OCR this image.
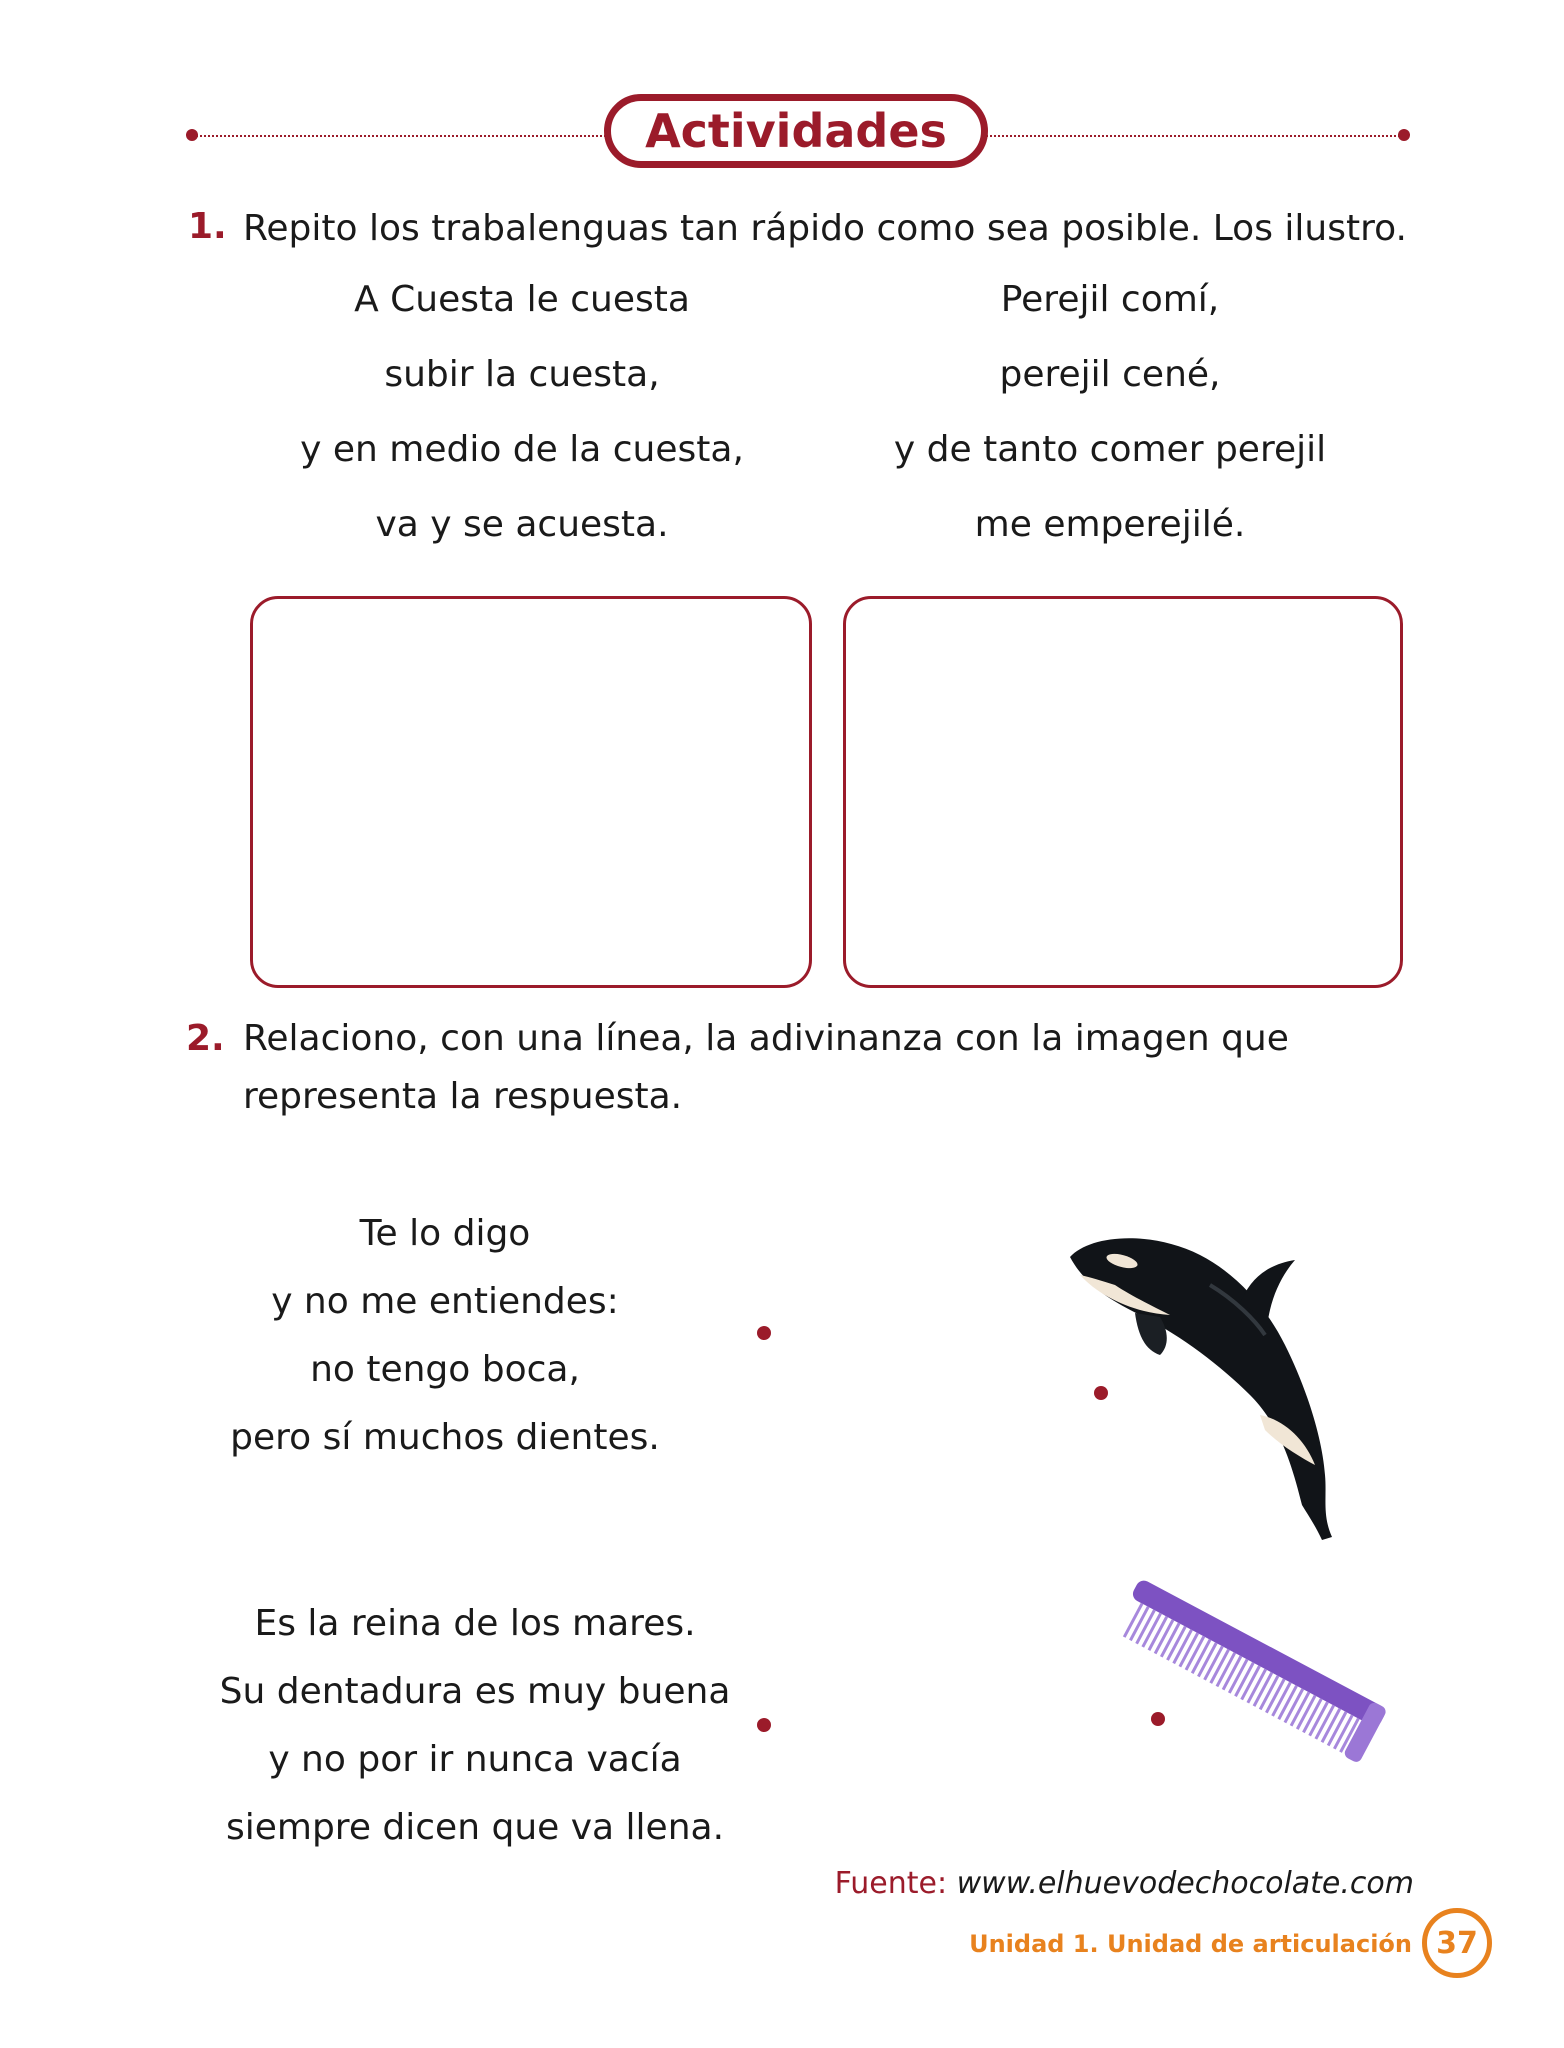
Actividades
1. Repito los trabalenguas tan rápido como sea posible. Los ilustro.
A Cuesta le cuesta
subir la cuesta,
y en medio de la cuesta,
va y se acuesta.
Perejil comí,
perejil cené,
y de tanto comer perejil
me emperejilé.
2. Relaciono, con una línea, la adivinanza con la imagen que
representa la respuesta.
Te lo digo
y no me entiendes:
no tengo boca,
pero sí muchos dientes.
Es la reina de los mares.
Su dentadura es muy buena
y no por ir nunca vacía
siempre dicen que va llena.
Fuente: www.elhuevodechocolate.com
Unidad 1. Unidad de articulación 37
